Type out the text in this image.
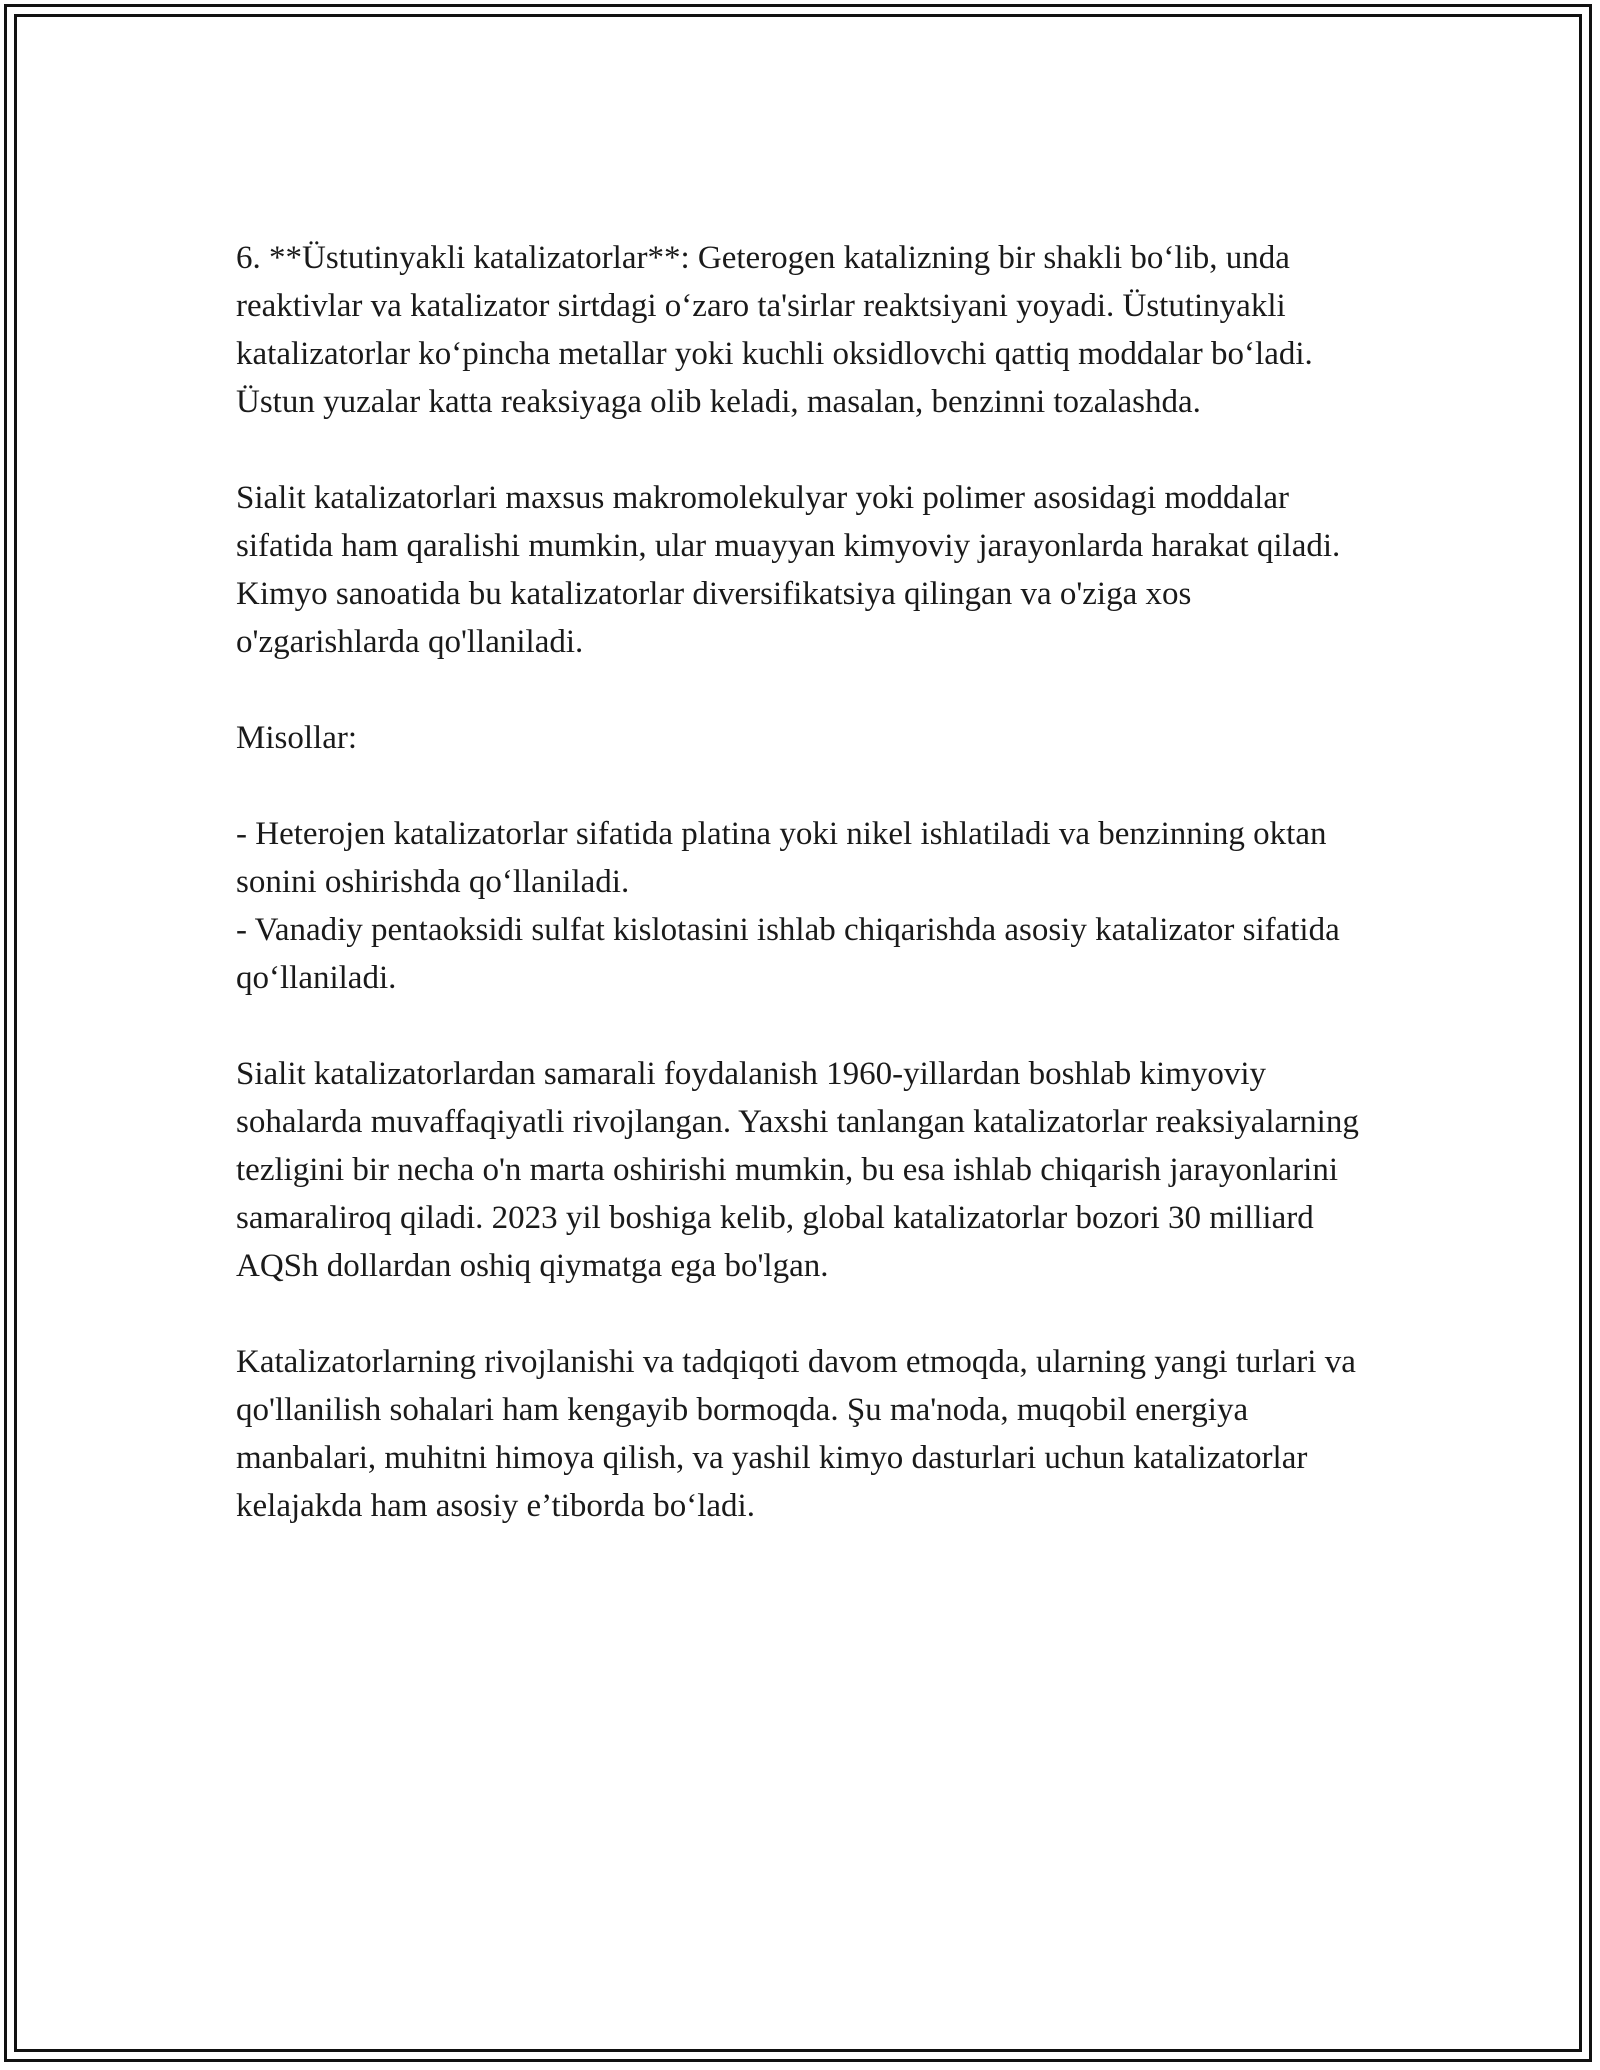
6. **Üstutinyakli katalizatorlar**: Geterogen katalizning bir shakli bo‘lib, unda reaktivlar va katalizator sirtdagi o‘zaro ta'sirlar reaktsiyani yoyadi. Üstutinyakli katalizatorlar ko‘pincha metallar yoki kuchli oksidlovchi qattiq moddalar bo‘ladi. Üstun yuzalar katta reaksiyaga olib keladi, masalan, benzinni tozalashda.

Sialit katalizatorlari maxsus makromolekulyar yoki polimer asosidagi moddalar sifatida ham qaralishi mumkin, ular muayyan kimyoviy jarayonlarda harakat qiladi. Kimyo sanoatida bu katalizatorlar diversifikatsiya qilingan va o'ziga xos o'zgarishlarda qo'llaniladi.

Misollar:

- Heterojen katalizatorlar sifatida platina yoki nikel ishlatiladi va benzinning oktan sonini oshirishda qo‘llaniladi.

- Vanadiy pentaoksidi sulfat kislotasini ishlab chiqarishda asosiy katalizator sifatida qo‘llaniladi.

Sialit katalizatorlardan samarali foydalanish 1960-yillardan boshlab kimyoviy sohalarda muvaffaqiyatli rivojlangan. Yaxshi tanlangan katalizatorlar reaksiyalarning tezligini bir necha o'n marta oshirishi mumkin, bu esa ishlab chiqarish jarayonlarini samaraliroq qiladi. 2023 yil boshiga kelib, global katalizatorlar bozori 30 milliard AQSh dollardan oshiq qiymatga ega bo'lgan.

Katalizatorlarning rivojlanishi va tadqiqoti davom etmoqda, ularning yangi turlari va qo'llanilish sohalari ham kengayib bormoqda. Şu ma'noda, muqobil energiya manbalari, muhitni himoya qilish, va yashil kimyo dasturlari uchun katalizatorlar kelajakda ham asosiy e’tiborda bo‘ladi.
